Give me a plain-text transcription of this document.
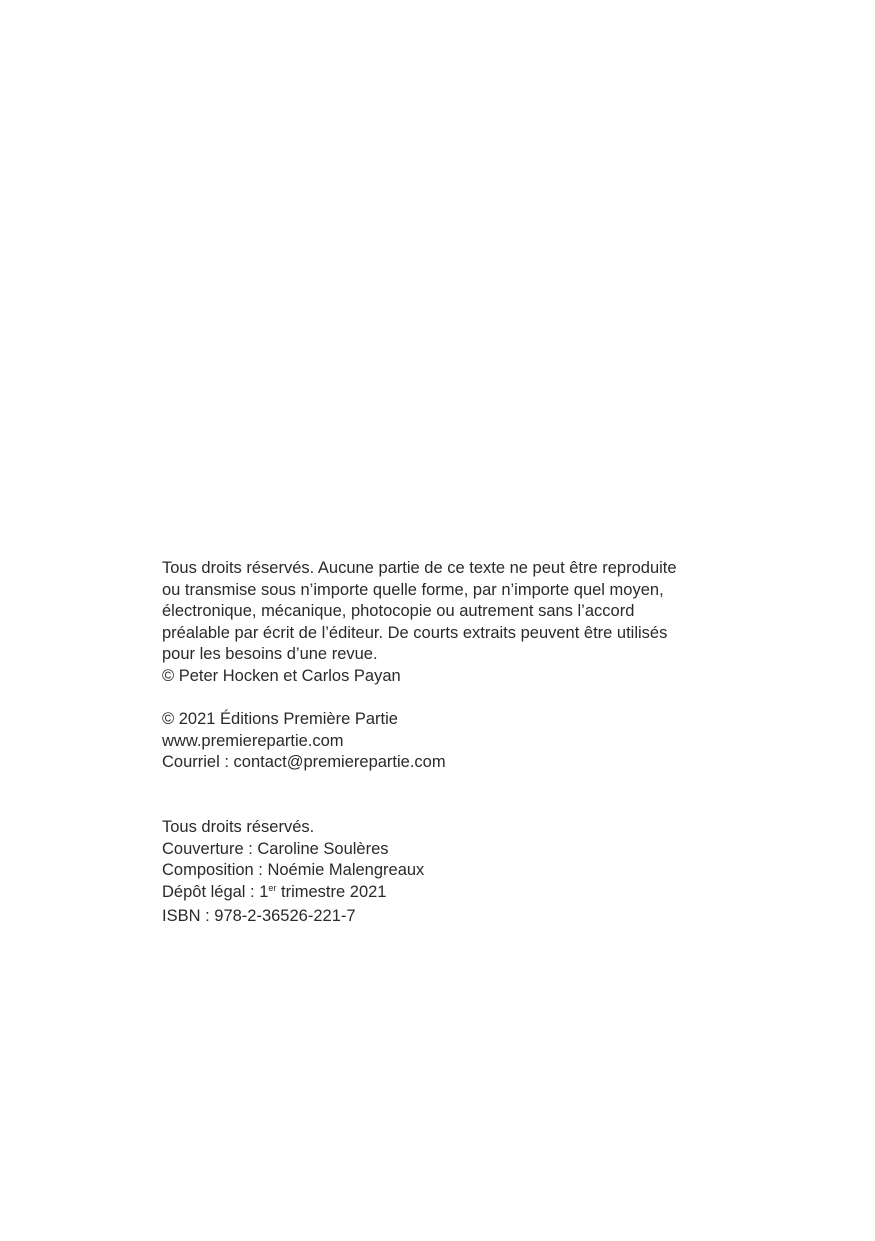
Tous droits réservés. Aucune partie de ce texte ne peut être reproduite
ou transmise sous n’importe quelle forme, par n’importe quel moyen,
électronique, mécanique, photocopie ou autrement sans l’accord
préalable par écrit de l’éditeur. De courts extraits peuvent être utilisés
pour les besoins d’une revue.
© Peter Hocken et Carlos Payan
© 2021 Éditions Première Partie
www.premierepartie.com
Courriel : contact@premierepartie.com
Tous droits réservés.
Couverture : Caroline Soulères
Composition : Noémie Malengreaux
Dépôt légal : 1er trimestre 2021
ISBN : 978-2-36526-221-7
